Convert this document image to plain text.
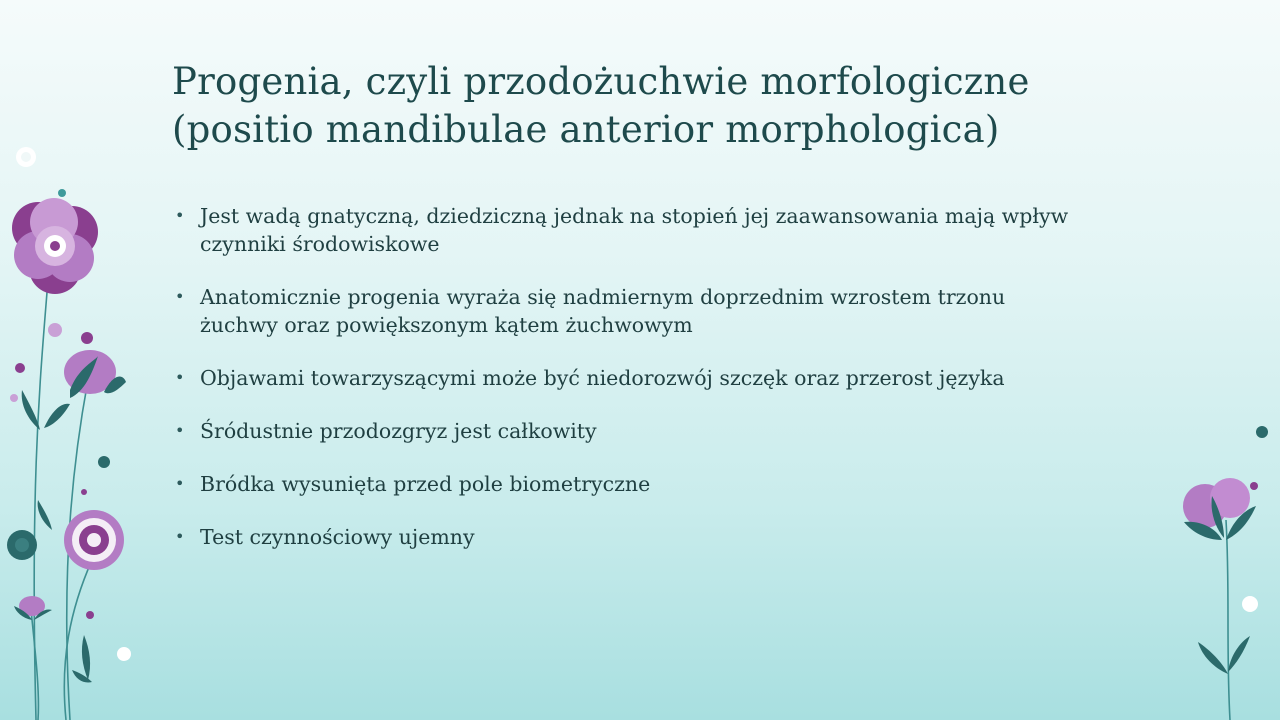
Progenia, czyli przodożuchwie morfologiczne
(positio mandibulae anterior morphologica)
• Jest wadą gnatyczną, dziedziczną jednak na stopień jej zaawansowania mają wpływ czynniki środowiskowe
• Anatomicznie progenia wyraża się nadmiernym doprzednim wzrostem trzonu żuchwy oraz powiększonym kątem żuchwowym
• Objawami towarzyszącymi może być niedorozwój szczęk oraz przerost języka
• Śródustnie przodozgryz jest całkowity
• Bródka wysunięta przed pole biometryczne
• Test czynnościowy ujemny
